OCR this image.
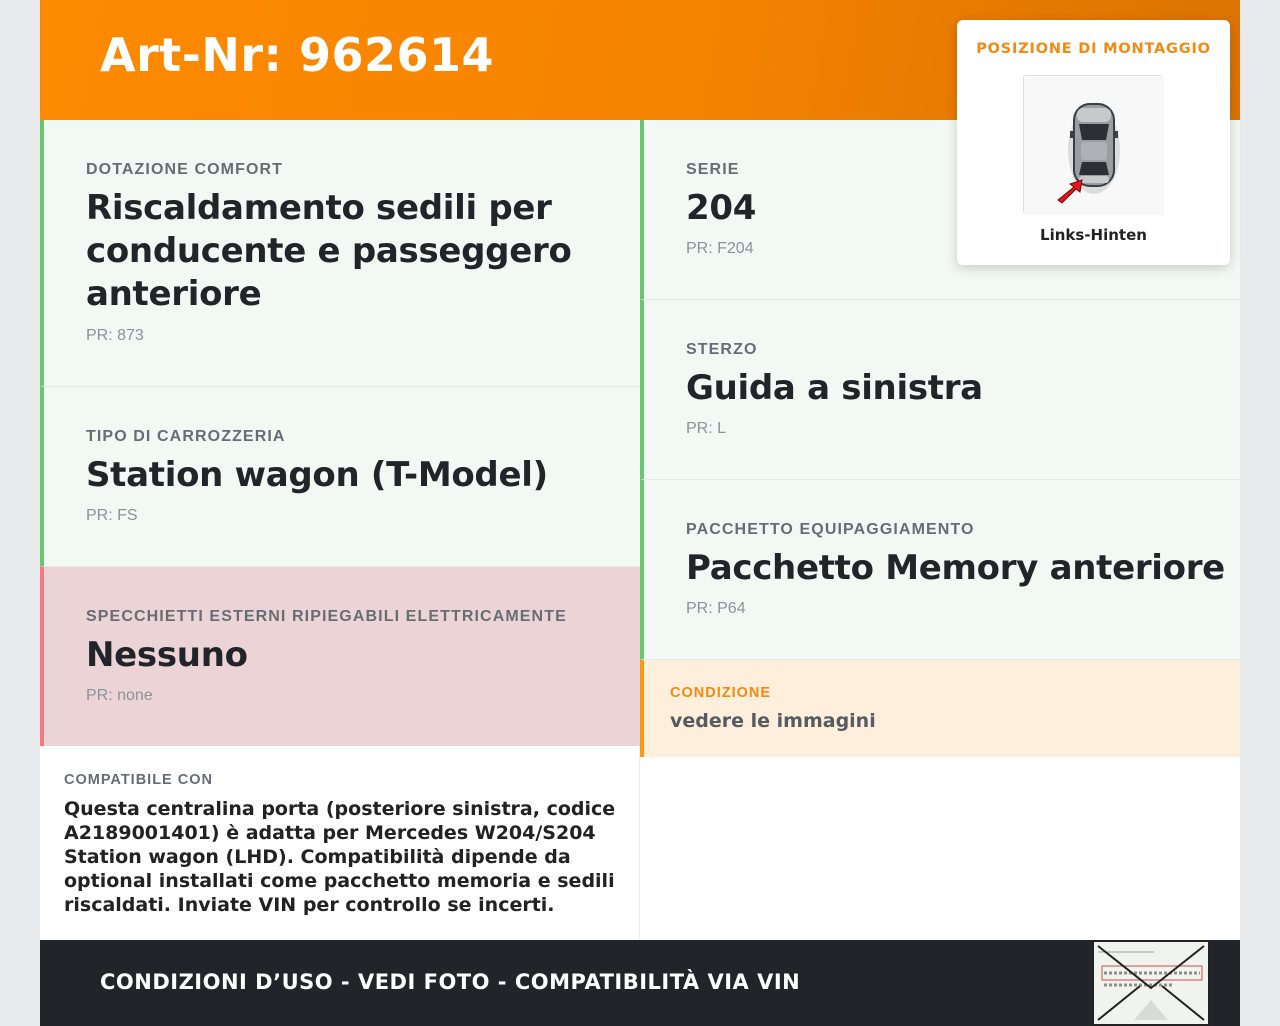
Art-Nr: 962614	POSIZIONE DI MONTAGGIO
Links-Hinten
DOTAZIONE COMFORT
Riscaldamento sedili per conducente e passeggero anteriore
PR: 873
TIPO DI CARROZZERIA
Station wagon (T-Model)
PR: FS
SPECCHIETTI ESTERNI RIPIEGABILI ELETTRICAMENTE
Nessuno
PR: none
SERIE
204
PR: F204
STERZO
Guida a sinistra
PR: L
PACCHETTO EQUIPAGGIAMENTO
Pacchetto Memory anteriore
PR: P64
CONDIZIONE
vedere le immagini
COMPATIBILE CON
Questa centralina porta (posteriore sinistra, codice A2189001401) è adatta per Mercedes W204/S204 Station wagon (LHD). Compatibilità dipende da optional installati come pacchetto memoria e sedili riscaldati. Inviate VIN per controllo se incerti.
CONDIZIONI D’USO - VEDI FOTO - COMPATIBILITÀ VIA VIN
